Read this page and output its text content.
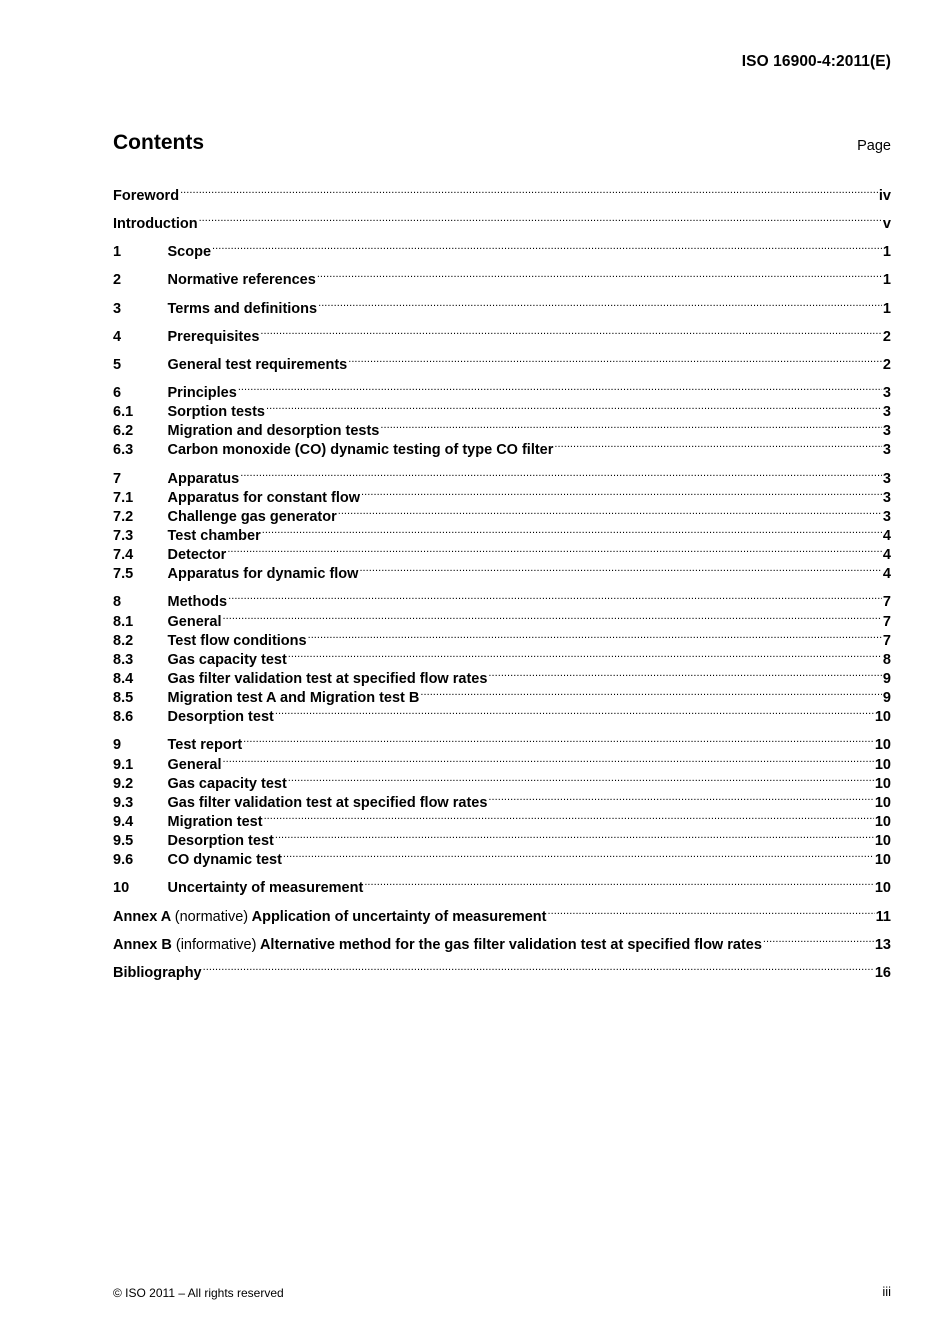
ISO 16900-4:2011(E)
Contents	Page
Foreword .....	iv
Introduction .....	v
1	Scope .....	1
2	Normative references .....	1
3	Terms and definitions .....	1
4	Prerequisites .....	2
5	General test requirements .....	2
6	Principles .....	3
6.1	Sorption tests .....	3
6.2	Migration and desorption tests .....	3
6.3	Carbon monoxide (CO) dynamic testing of type CO filter .....	3
7	Apparatus .....	3
7.1	Apparatus for constant flow .....	3
7.2	Challenge gas generator .....	3
7.3	Test chamber .....	4
7.4	Detector .....	4
7.5	Apparatus for dynamic flow .....	4
8	Methods .....	7
8.1	General .....	7
8.2	Test flow conditions .....	7
8.3	Gas capacity test .....	8
8.4	Gas filter validation test at specified flow rates .....	9
8.5	Migration test A and Migration test B .....	9
8.6	Desorption test .....	10
9	Test report .....	10
9.1	General .....	10
9.2	Gas capacity test .....	10
9.3	Gas filter validation test at specified flow rates .....	10
9.4	Migration test .....	10
9.5	Desorption test .....	10
9.6	CO dynamic test .....	10
10	Uncertainty of measurement .....	10
Annex A (normative) Application of uncertainty of measurement .....	11
Annex B (informative) Alternative method for the gas filter validation test at specified flow rates .....	13
Bibliography .....	16
© ISO 2011 – All rights reserved	iii
